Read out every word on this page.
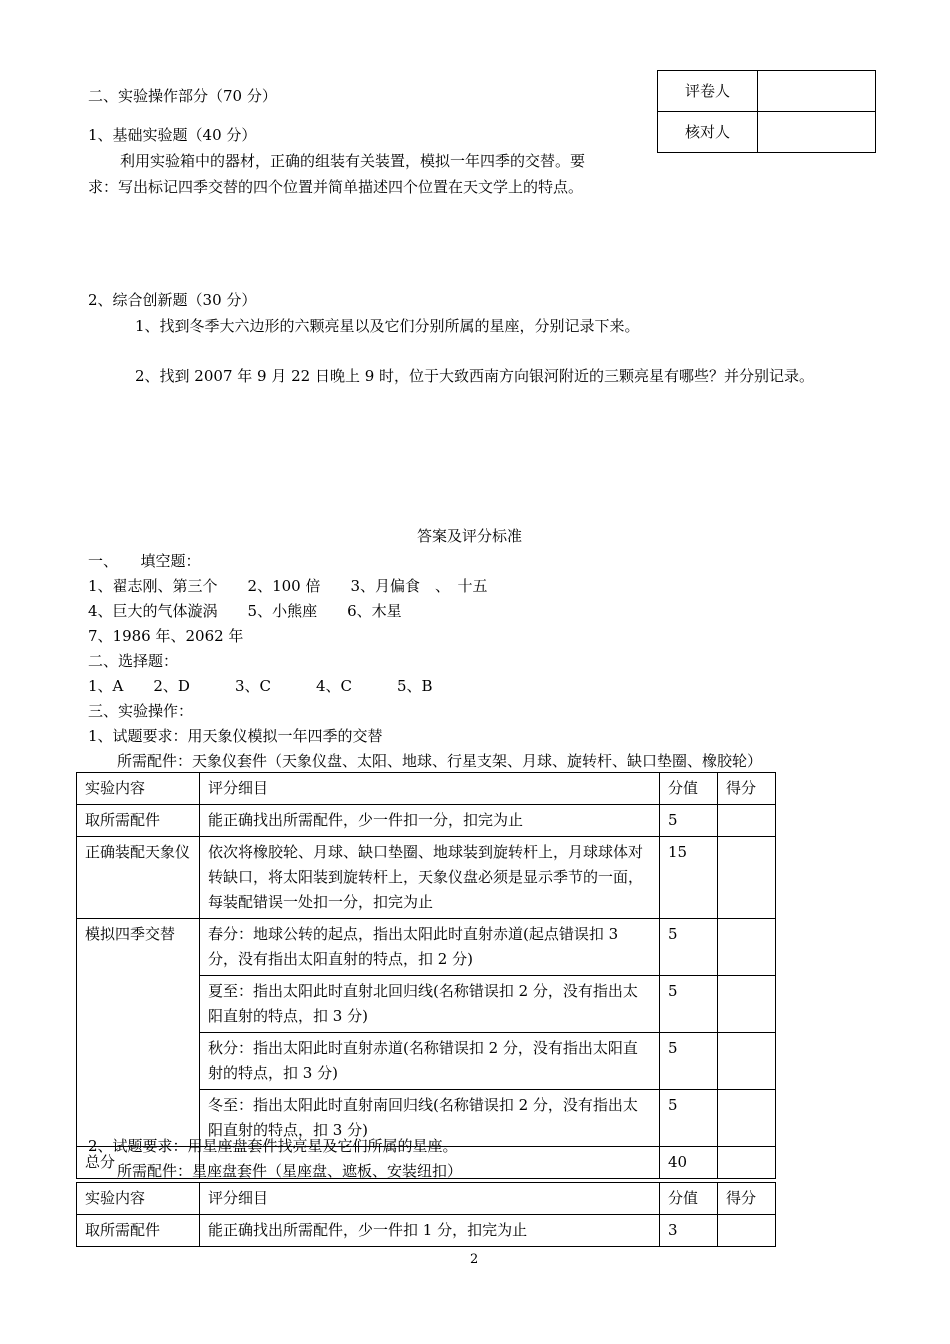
评卷人	
核对人	
二、实验操作部分（70 分）
1、基础实验题（40 分）
利用实验箱中的器材，正确的组装有关装置，模拟一年四季的交替。要
求：写出标记四季交替的四个位置并简单描述四个位置在天文学上的特点。
2、综合创新题（30 分）
1、找到冬季大六边形的六颗亮星以及它们分别所属的星座，分别记录下来。
2、找到 2007 年 9 月 22 日晚上 9 时，位于大致西南方向银河附近的三颗亮星有哪些？并分别记录。
答案及评分标准
一、　　填空题：
1、翟志刚、第三个　　2、100 倍　　3、月偏食　、　十五
4、巨大的气体漩涡　　5、小熊座　　6、木星
7、1986 年、2062 年
二、选择题：
1、A　　2、D　　　3、C　　　4、C　　　5、B
三、实验操作：
1、试题要求：用天象仪模拟一年四季的交替
所需配件：天象仪套件（天象仪盘、太阳、地球、行星支架、月球、旋转杆、缺口垫圈、橡胶轮）
实验内容	评分细目	分值	得分
取所需配件	能正确找出所需配件，少一件扣一分，扣完为止	5	
正确装配天象仪	依次将橡胶轮、月球、缺口垫圈、地球装到旋转杆上，月球球体对转缺口，将太阳装到旋转杆上，天象仪盘必须是显示季节的一面，每装配错误一处扣一分，扣完为止	15	
模拟四季交替	春分：地球公转的起点，指出太阳此时直射赤道(起点错误扣 3 分，没有指出太阳直射的特点，扣 2 分)	5	
	夏至：指出太阳此时直射北回归线(名称错误扣 2 分，没有指出太阳直射的特点，扣 3 分)	5	
	秋分：指出太阳此时直射赤道(名称错误扣 2 分，没有指出太阳直射的特点，扣 3 分)	5	
	冬至：指出太阳此时直射南回归线(名称错误扣 2 分，没有指出太阳直射的特点，扣 3 分)	5	
总分		40	
2、试题要求：用星座盘套件找亮星及它们所属的星座。
所需配件：星座盘套件（星座盘、遮板、安装纽扣）
实验内容	评分细目	分值	得分
取所需配件	能正确找出所需配件，少一件扣 1 分，扣完为止	3	
2
